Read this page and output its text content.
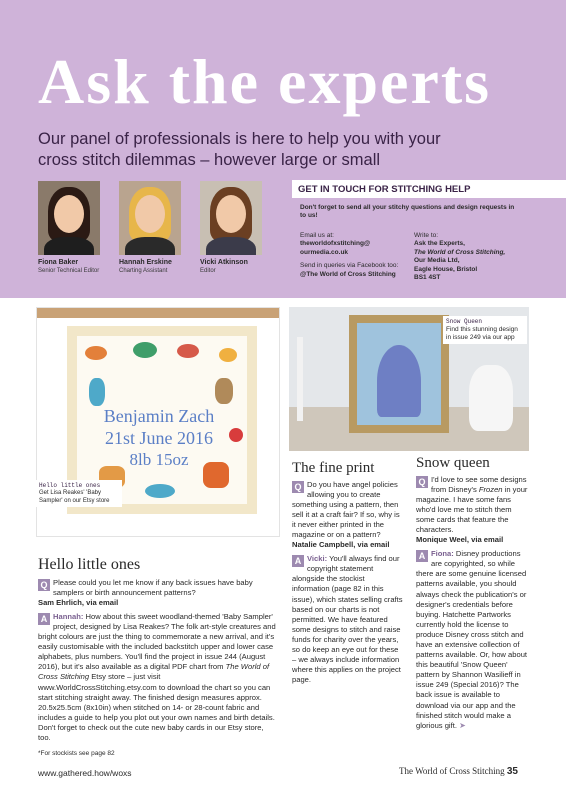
Ask the experts

Our panel of professionals is here to help you with your cross stitch dilemmas – however large or small

Fiona Baker
Senior Technical Editor
Hannah Erskine
Charting Assistant
Vicki Atkinson
Editor
GET IN TOUCH FOR STITCHING HELP
Don't forget to send all your stitchy questions and design requests in to us!
Email us at:
theworldofxstitching@ ourmedia.co.uk
Send in queries via Facebook too:
@The World of Cross Stitching
Write to:
Ask the Experts,
The World of Cross Stitching,
Our Media Ltd,
Eagle House, Bristol
BS1 4ST
Benjamin Zach
21st June 2016
8lb 15oz
Hello little ones
Get Lisa Reakes' 'Baby Sampler' on our Etsy store
Snow Queen
Find this stunning design in issue 249 via our app
Hello little ones
Q Please could you let me know if any back issues have baby samplers or birth announcement patterns?
Sam Ehrlich, via email
A Hannah: How about this sweet woodland-themed 'Baby Sampler' project, designed by Lisa Reakes? The folk art-style creatures and bright colours are just the thing to commemorate a new arrival, and it's easily customisable with the included backstitch upper and lower case alphabets, plus numbers. You'll find the project in issue 244 (August 2016), but it's also available as a digital PDF chart from The World of Cross Stitching Etsy store – just visit www.WorldCrossStitching.etsy.com to download the chart so you can start stitching straight away. The finished design measures approx. 20.5x25.5cm (8x10in) when stitched on 14- or 28-count fabric and includes a guide to help you plot out your own names and birth details. Don't forget to check out the cute new baby cards in our Etsy store, too.
The fine print
Q Do you have angel policies allowing you to create something using a pattern, then sell it at a craft fair? If so, why is it never either printed in the magazine or on a pattern?
Natalie Campbell, via email
A Vicki: You'll always find our copyright statement alongside the stockist information (page 82 in this issue), which states selling crafts based on our charts is not permitted. We have featured some designs to stitch and raise funds for charity over the years, so do keep an eye out for these – we always include information where this applies on the project page.
Snow queen
Q I'd love to see some designs from Disney's Frozen in your magazine. I have some fans who'd love me to stitch them some cards that feature the characters.
Monique Weel, via email
A Fiona: Disney productions are copyrighted, so while there are some genuine licensed patterns available, you should always check the publication's or designer's credentials before buying. Hatchette Partworks currently hold the license to produce Disney cross stitch and have an extensive collection of patterns available. Or, how about this beautiful 'Snow Queen' pattern by Shannon Wasilieff in issue 249 (Special 2016)? The back issue is available to download via our app and the finished stitch would make a glorious gift. ➤
*For stockists see page 82
www.gathered.how/woxs	The World of Cross Stitching 35
